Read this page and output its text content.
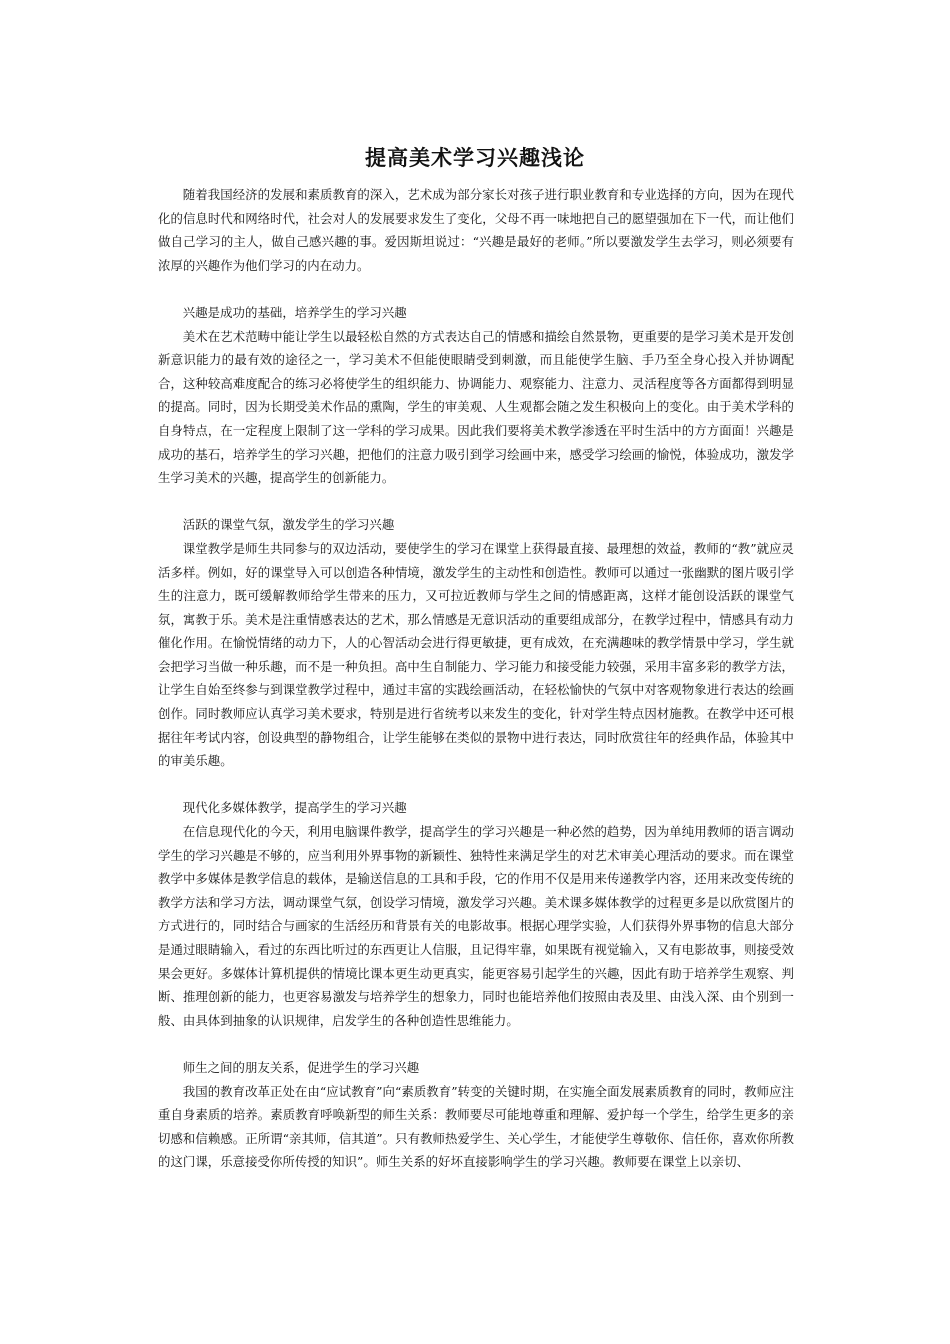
提高美术学习兴趣浅论

随着我国经济的发展和素质教育的深入，艺术成为部分家长对孩子进行职业教育和专业选择的方向，因为在现代化的信息时代和网络时代，社会对人的发展要求发生了变化，父母不再一味地把自己的愿望强加在下一代，而让他们做自己学习的主人，做自己感兴趣的事。爱因斯坦说过：“兴趣是最好的老师。”所以要激发学生去学习，则必须要有浓厚的兴趣作为他们学习的内在动力。

兴趣是成功的基础，培养学生的学习兴趣

美术在艺术范畴中能让学生以最轻松自然的方式表达自己的情感和描绘自然景物，更重要的是学习美术是开发创新意识能力的最有效的途径之一，学习美术不但能使眼睛受到刺激，而且能使学生脑、手乃至全身心投入并协调配合，这种较高难度配合的练习必将使学生的组织能力、协调能力、观察能力、注意力、灵活程度等各方面都得到明显的提高。同时，因为长期受美术作品的熏陶，学生的审美观、人生观都会随之发生积极向上的变化。由于美术学科的自身特点，在一定程度上限制了这一学科的学习成果。因此我们要将美术教学渗透在平时生活中的方方面面！兴趣是成功的基石，培养学生的学习兴趣，把他们的注意力吸引到学习绘画中来，感受学习绘画的愉悦，体验成功，激发学生学习美术的兴趣，提高学生的创新能力。

活跃的课堂气氛，激发学生的学习兴趣

课堂教学是师生共同参与的双边活动，要使学生的学习在课堂上获得最直接、最理想的效益，教师的“教”就应灵活多样。例如，好的课堂导入可以创造各种情境，激发学生的主动性和创造性。教师可以通过一张幽默的图片吸引学生的注意力，既可缓解教师给学生带来的压力，又可拉近教师与学生之间的情感距离，这样才能创设活跃的课堂气氛，寓教于乐。美术是注重情感表达的艺术，那么情感是无意识活动的重要组成部分，在教学过程中，情感具有动力催化作用。在愉悦情绪的动力下，人的心智活动会进行得更敏捷，更有成效，在充满趣味的教学情景中学习，学生就会把学习当做一种乐趣，而不是一种负担。高中生自制能力、学习能力和接受能力较强，采用丰富多彩的教学方法，让学生自始至终参与到课堂教学过程中，通过丰富的实践绘画活动，在轻松愉快的气氛中对客观物象进行表达的绘画创作。同时教师应认真学习美术要求，特别是进行省统考以来发生的变化，针对学生特点因材施教。在教学中还可根据往年考试内容，创设典型的静物组合，让学生能够在类似的景物中进行表达，同时欣赏往年的经典作品，体验其中的审美乐趣。

现代化多媒体教学，提高学生的学习兴趣

在信息现代化的今天，利用电脑课件教学，提高学生的学习兴趣是一种必然的趋势，因为单纯用教师的语言调动学生的学习兴趣是不够的，应当利用外界事物的新颖性、独特性来满足学生的对艺术审美心理活动的要求。而在课堂教学中多媒体是教学信息的载体，是输送信息的工具和手段，它的作用不仅是用来传递教学内容，还用来改变传统的教学方法和学习方法，调动课堂气氛，创设学习情境，激发学习兴趣。美术课多媒体教学的过程更多是以欣赏图片的方式进行的，同时结合与画家的生活经历和背景有关的电影故事。根据心理学实验，人们获得外界事物的信息大部分是通过眼睛输入，看过的东西比听过的东西更让人信服，且记得牢靠，如果既有视觉输入，又有电影故事，则接受效果会更好。多媒体计算机提供的情境比课本更生动更真实，能更容易引起学生的兴趣，因此有助于培养学生观察、判断、推理创新的能力，也更容易激发与培养学生的想象力，同时也能培养他们按照由表及里、由浅入深、由个别到一般、由具体到抽象的认识规律，启发学生的各种创造性思维能力。

师生之间的朋友关系，促进学生的学习兴趣

我国的教育改革正处在由“应试教育”向“素质教育”转变的关键时期，在实施全面发展素质教育的同时，教师应注重自身素质的培养。素质教育呼唤新型的师生关系：教师要尽可能地尊重和理解、爱护每一个学生，给学生更多的亲切感和信赖感。正所谓“亲其师，信其道”。只有教师热爱学生、关心学生，才能使学生尊敬你、信任你，喜欢你所教的这门课，乐意接受你所传授的知识”。师生关系的好坏直接影响学生的学习兴趣。教师要在课堂上以亲切、
